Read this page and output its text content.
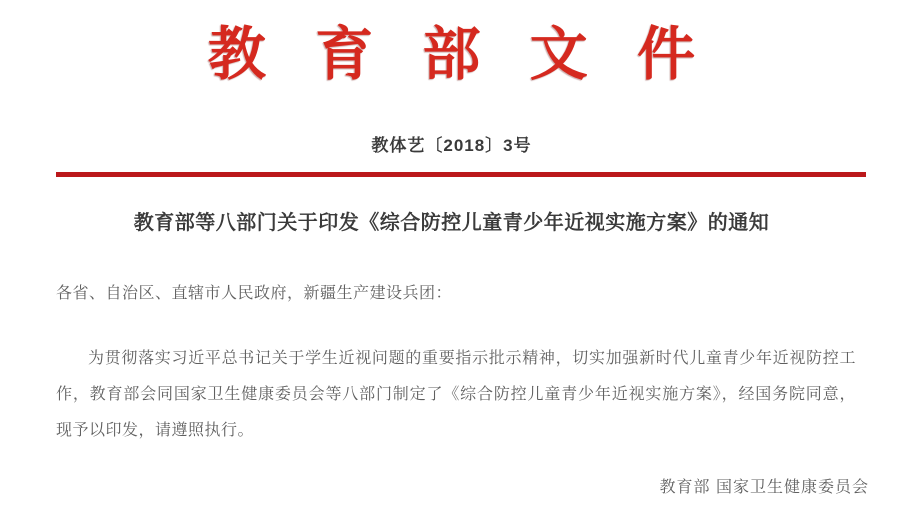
教育部文件
教体艺〔2018〕3号
教育部等八部门关于印发《综合防控儿童青少年近视实施方案》的通知
各省、自治区、直辖市人民政府，新疆生产建设兵团：
为贯彻落实习近平总书记关于学生近视问题的重要指示批示精神，切实加强新时代儿童青少年近视防控工作，教育部会同国家卫生健康委员会等八部门制定了《综合防控儿童青少年近视实施方案》，经国务院同意，现予以印发，请遵照执行。
教育部 国家卫生健康委员会
